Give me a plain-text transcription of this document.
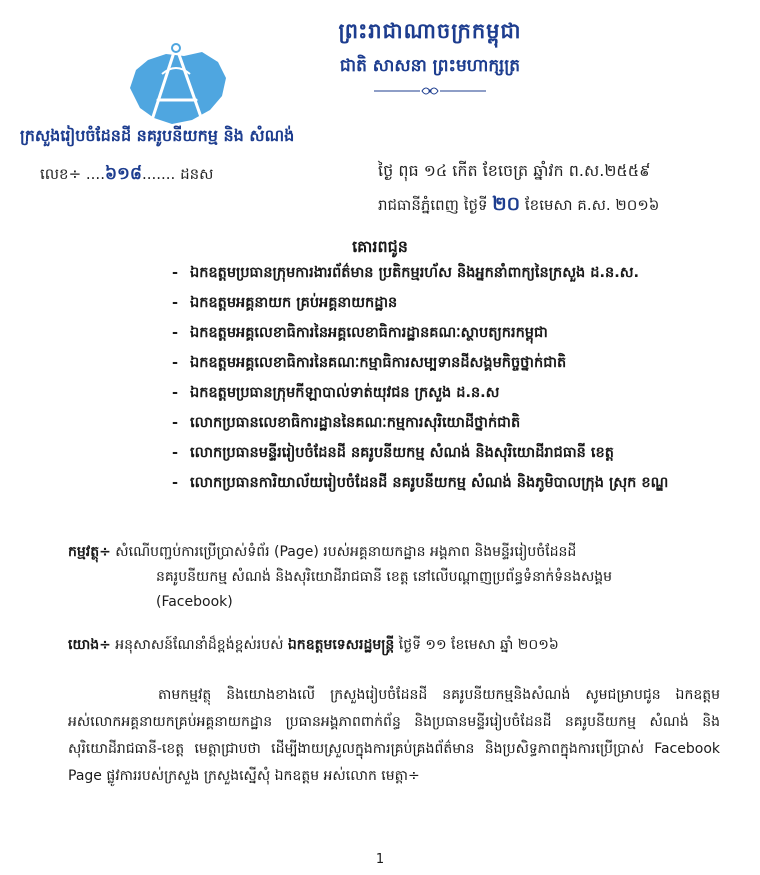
ព្រះរាជាណាចក្រកម្ពុជា
ជាតិ សាសនា ព្រះមហាក្សត្រ
ក្រសួងរៀបចំដែនដី នគរូបនីយកម្ម និង សំណង់
លេខ÷ ....៦១៨....... ដនស	ថ្ងៃ ពុធ ១៤ កើត ខែចេត្រ ឆ្នាំវក ព.ស.២៥៥៩
រាជធានីភ្នំពេញ ថ្ងៃទី ២០ ខែមេសា គ.ស. ២០១៦
គោរពជូន
- ឯកឧត្តមប្រធានក្រុមការងារព័ត៌មាន ប្រតិកម្មរហ័ស និងអ្នកនាំពាក្យនៃក្រសួង ដ.ន.ស.
- ឯកឧត្តមអគ្គនាយក គ្រប់អគ្គនាយកដ្ឋាន
- ឯកឧត្តមអគ្គលេខាធិការនៃអគ្គលេខាធិការដ្ឋានគណៈស្ថាបត្យករកម្ពុជា
- ឯកឧត្តមអគ្គលេខាធិការនៃគណៈកម្មាធិការសម្បទានដីសង្គមកិច្ចថ្នាក់ជាតិ
- ឯកឧត្តមប្រធានក្រុមកីឡាបាល់ទាត់យុវជន ក្រសួង ដ.ន.ស
- លោកប្រធានលេខាធិការដ្ឋាននៃគណៈកម្មការសុរិយោដីថ្នាក់ជាតិ
- លោកប្រធានមន្ទីររៀបចំដែនដី នគរូបនីយកម្ម សំណង់ និងសុរិយោដីរាជធានី ខេត្ត
- លោកប្រធានការិយាល័យរៀបចំដែនដី នគរូបនីយកម្ម សំណង់ និងភូមិបាលក្រុង ស្រុក ខណ្ឌ
កម្មវត្ថុ÷ សំណើបញ្ជប់ការប្រើប្រាស់ទំព័រ (Page) របស់អគ្គនាយកដ្ឋាន អង្គភាព និងមន្ទីររៀបចំដែនដី
នគរូបនីយកម្ម សំណង់ និងសុរិយោដីរាជធានី ខេត្ត នៅលើបណ្ដាញប្រព័ន្ធទំនាក់ទំនងសង្គម
(Facebook)
យោង÷ អនុសាសន៍ណែនាំដ៏ខ្ពង់ខ្ពស់របស់ ឯកឧត្តមទេសរដ្ឋមន្ត្រី ថ្ងៃទី ១១ ខែមេសា ឆ្នាំ ២០១៦
តាមកម្មវត្ថុ និងយោងខាងលើ ក្រសួងរៀបចំដែនដី នគរូបនីយកម្មនិងសំណង់ សូមជម្រាបជូន ឯកឧត្តម អស់លោកអគ្គនាយកគ្រប់អគ្គនាយកដ្ឋាន ប្រធានអង្គភាពពាក់ព័ន្ធ និងប្រធានមន្ទីររៀបចំដែនដី នគរូបនីយកម្ម សំណង់ និងសុរិយោដីរាជធានី-ខេត្ត មេត្តាជ្រាបថា ដើម្បីងាយស្រួលក្នុងការគ្រប់គ្រងព័ត៌មាន និងប្រសិទ្ធភាពក្នុងការប្រើប្រាស់ Facebook Page ផ្លូវការរបស់ក្រសួង ក្រសួងស្នើសុំ ឯកឧត្តម អស់លោក មេត្តា÷
1
